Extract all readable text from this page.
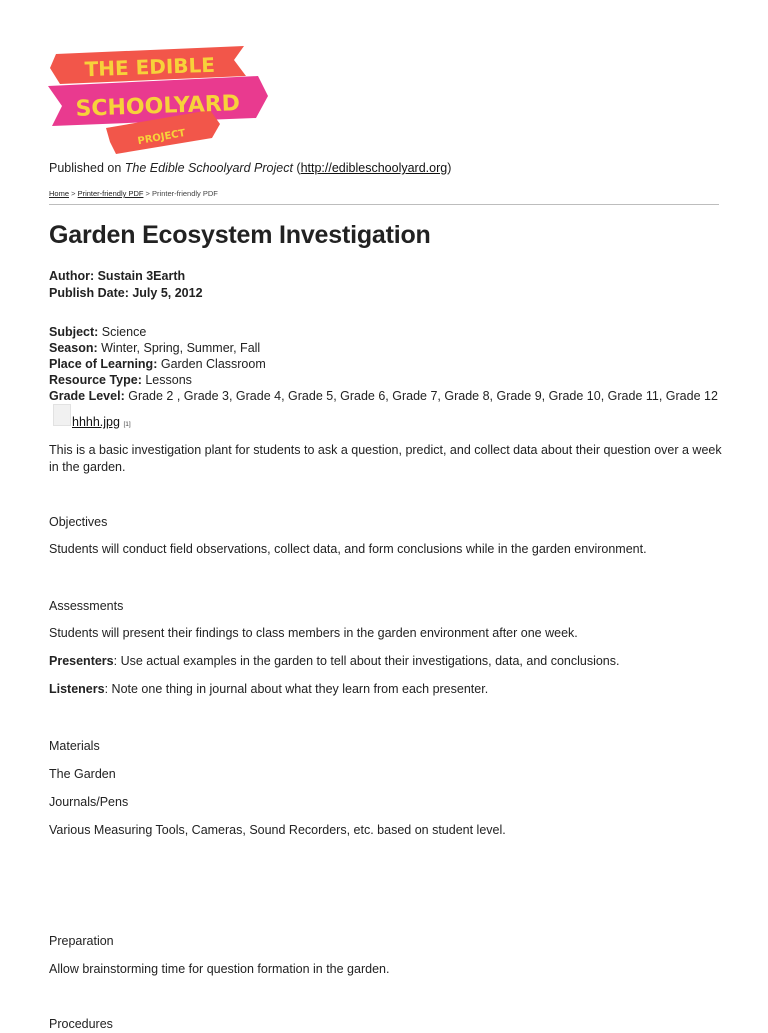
THE EDIBLE
SCHOOLYARD
PROJECT
Published on The Edible Schoolyard Project (http://edibleschoolyard.org)
Home > Printer-friendly PDF > Printer-friendly PDF
Garden Ecosystem Investigation
Author: Sustain 3Earth
Publish Date: July 5, 2012
Subject: Science
Season: Winter, Spring, Summer, Fall
Place of Learning: Garden Classroom
Resource Type: Lessons
Grade Level: Grade 2 , Grade 3, Grade 4, Grade 5, Grade 6, Grade 7, Grade 8, Grade 9, Grade 10, Grade 11, Grade 12
hhhh.jpg [1]
This is a basic investigation plant for students to ask a question, predict, and collect data about their question over a week in the garden.
Objectives
Students will conduct field observations, collect data, and form conclusions while in the garden environment.
Assessments
Students will present their findings to class members in the garden environment after one week.
Presenters: Use actual examples in the garden to tell about their investigations, data, and conclusions.
Listeners: Note one thing in journal about what they learn from each presenter.
Materials
The Garden
Journals/Pens
Various Measuring Tools, Cameras, Sound Recorders, etc. based on student level.
Preparation
Allow brainstorming time for question formation in the garden.
Procedures
